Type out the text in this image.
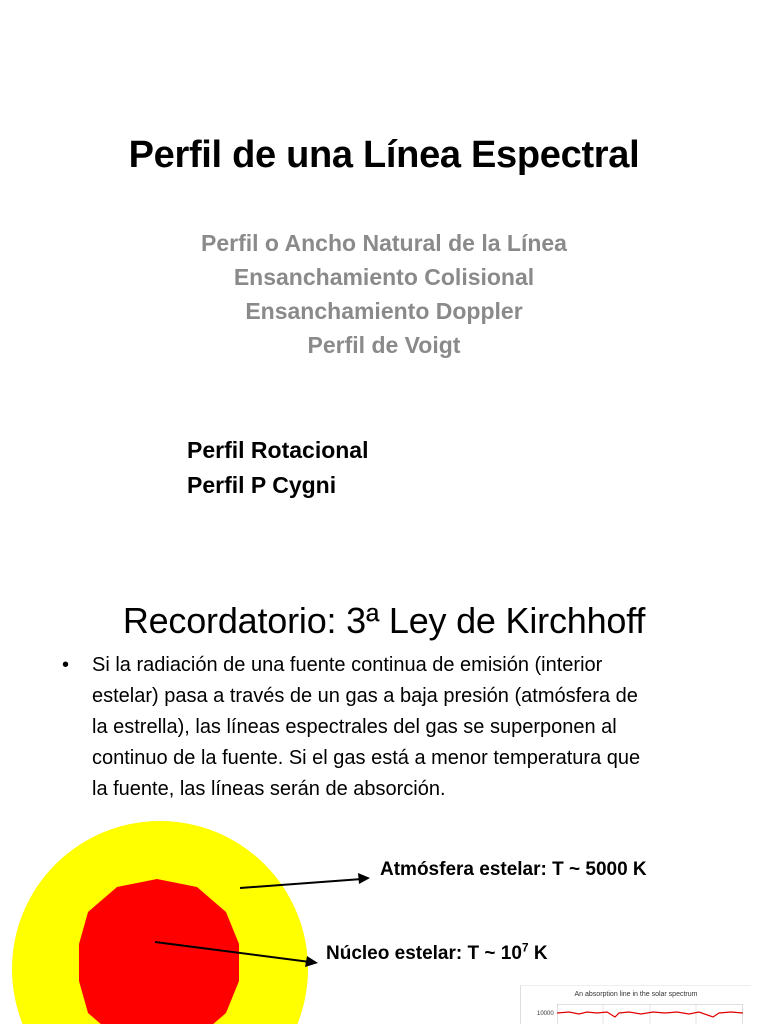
Perfil de una Línea Espectral
Perfil o Ancho Natural de la Línea
Ensanchamiento Colisional
Ensanchamiento Doppler
Perfil de Voigt
Perfil Rotacional
Perfil P Cygni
Recordatorio: 3ª Ley de Kirchhoff
• Si la radiación de una fuente continua de emisión (interior
estelar) pasa a través de un gas a baja presión (atmósfera de
la estrella), las líneas espectrales del gas se superponen al
continuo de la fuente. Si el gas está a menor temperatura que
la fuente, las líneas serán de absorción.
Atmósfera estelar: T ~ 5000 K
Núcleo estelar: T ~ $10^7$ K
An absorption line in the solar spectrum
10000
